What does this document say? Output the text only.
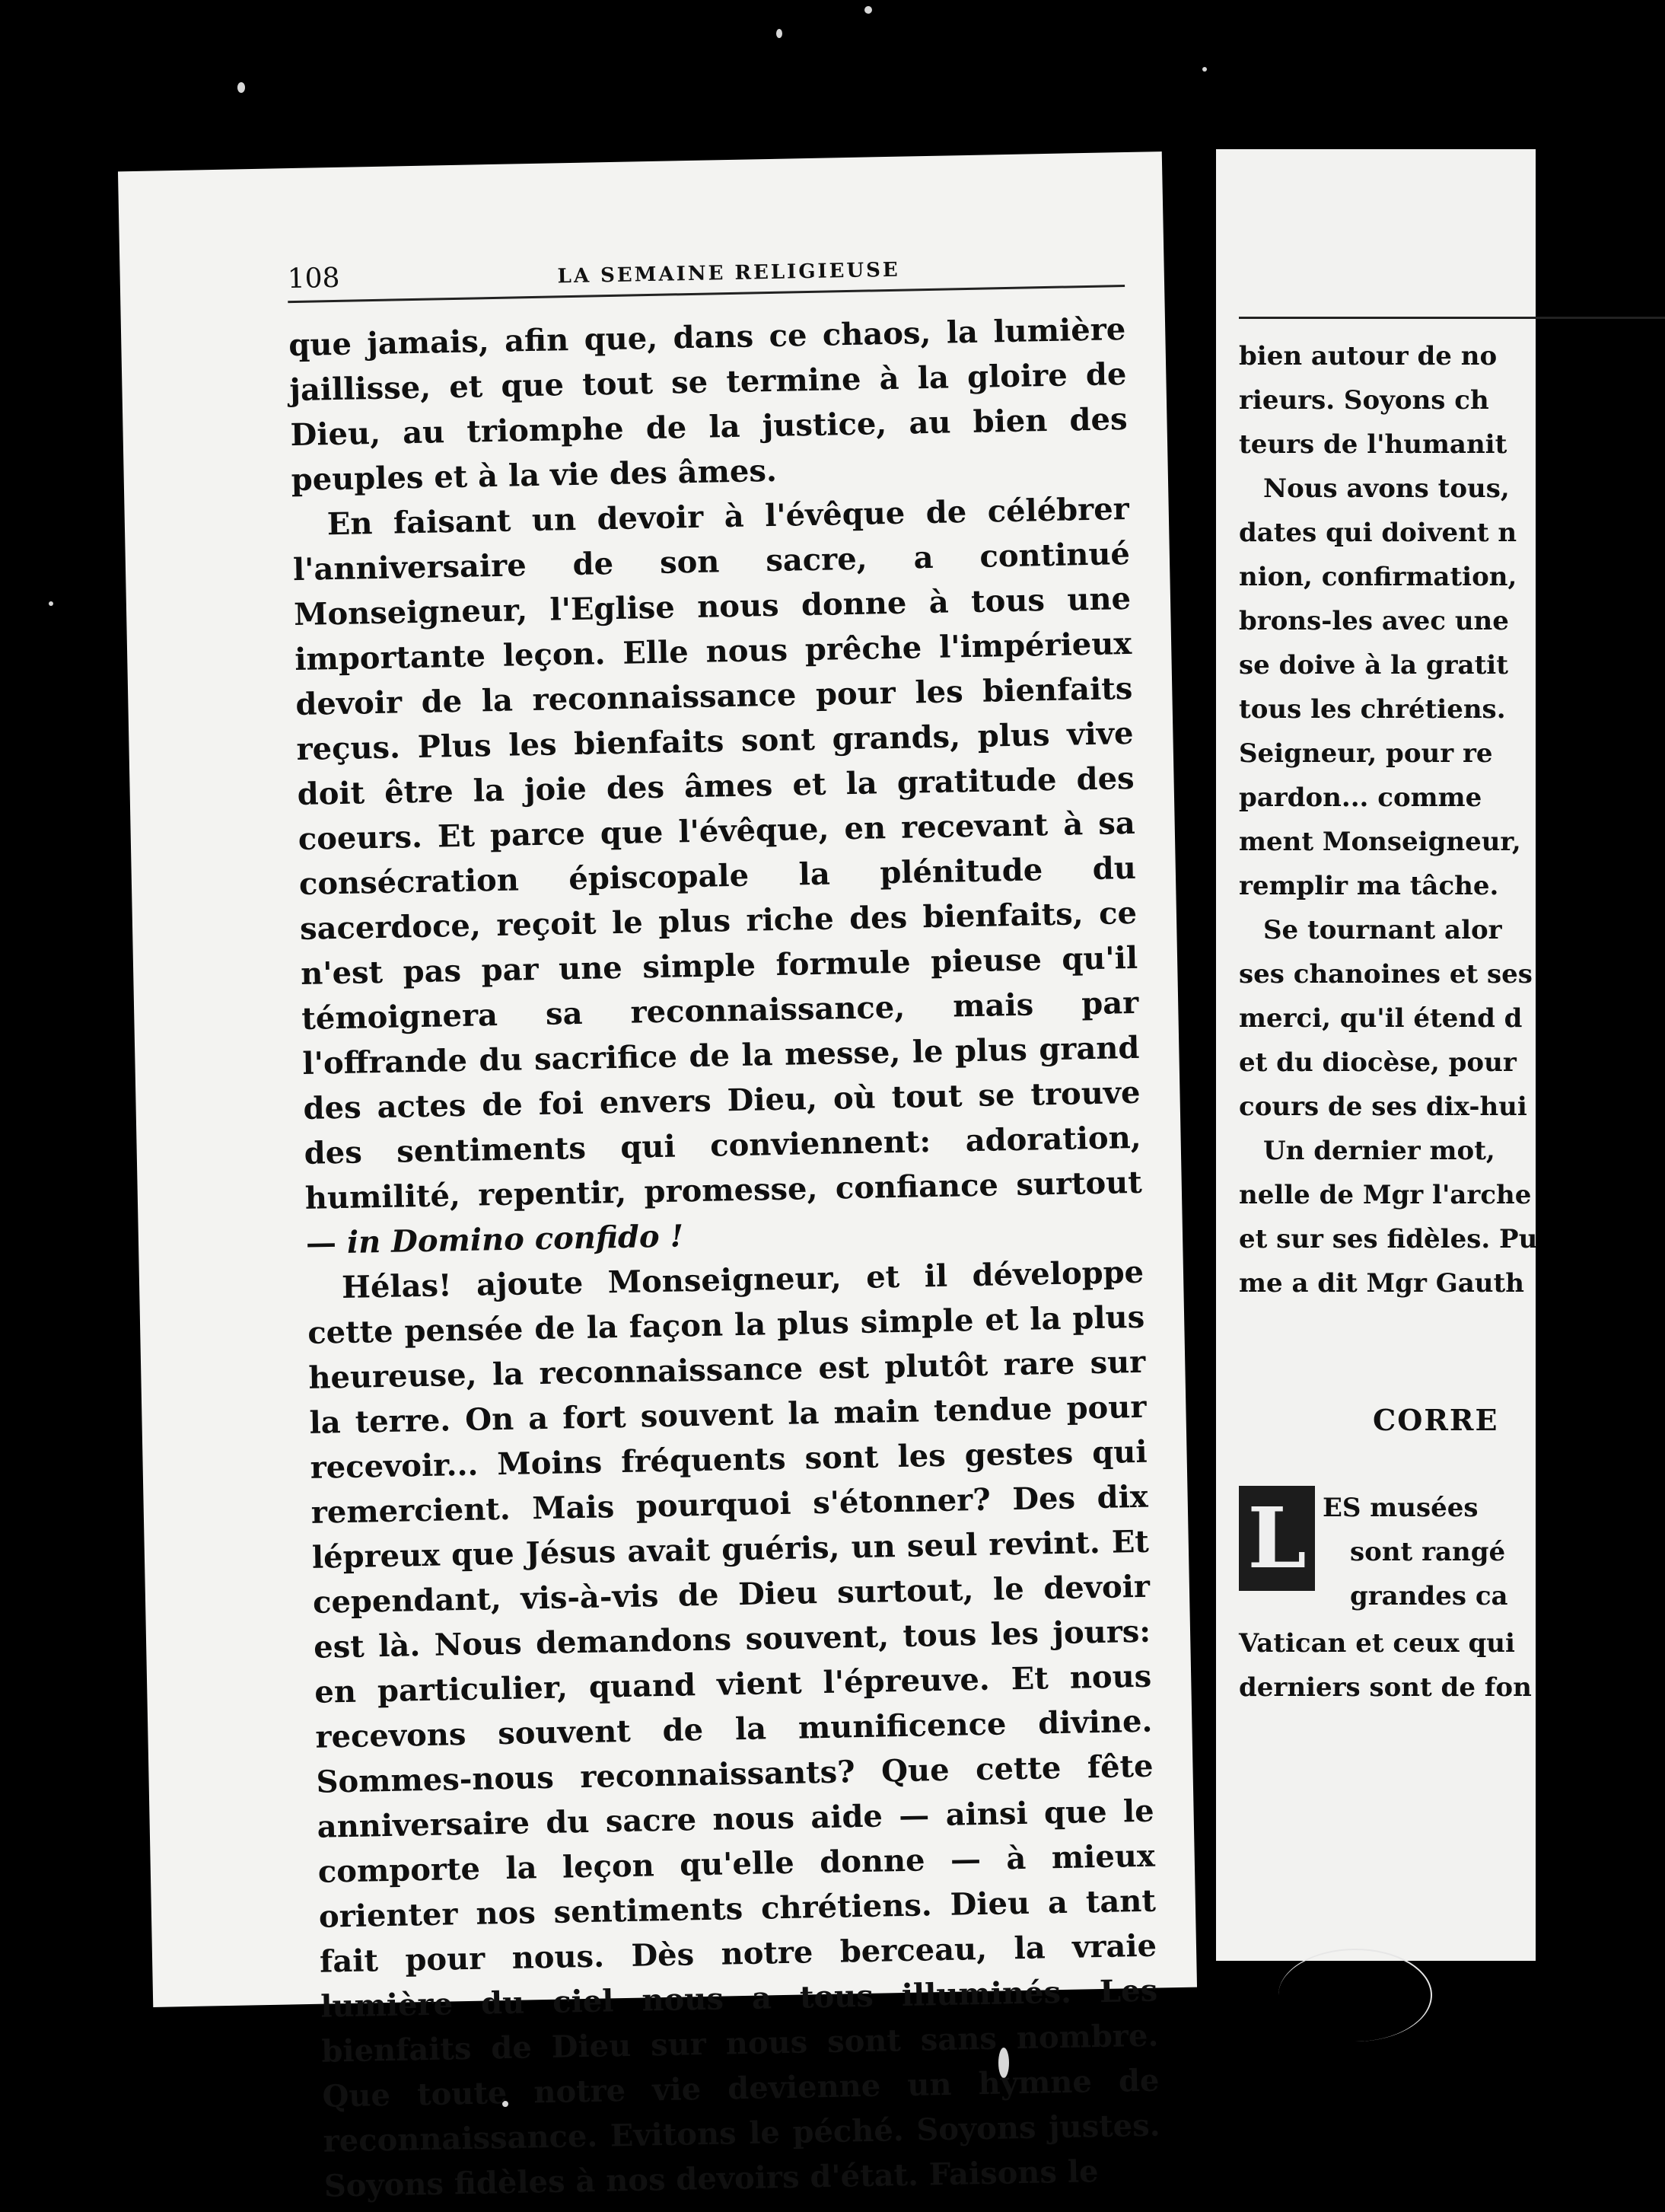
108	LA SEMAINE RELIGIEUSE

que jamais, afin que, dans ce chaos, la lumière jaillisse, et que tout se termine à la gloire de Dieu, au triomphe de la justice, au bien des peuples et à la vie des âmes.

En faisant un devoir à l'évêque de célébrer l'anniversaire de son sacre, a continué Monseigneur, l'Eglise nous donne à tous une importante leçon. Elle nous prêche l'impérieux devoir de la reconnaissance pour les bienfaits reçus. Plus les bienfaits sont grands, plus vive doit être la joie des âmes et la gratitude des coeurs. Et parce que l'évêque, en recevant à sa consécration épiscopale la plénitude du sacerdoce, reçoit le plus riche des bienfaits, ce n'est pas par une simple formule pieuse qu'il témoignera sa reconnaissance, mais par l'offrande du sacrifice de la messe, le plus grand des actes de foi envers Dieu, où tout se trouve des sentiments qui conviennent: adoration, humilité, repentir, promesse, confiance surtout — in Domino confido !

Hélas! ajoute Monseigneur, et il développe cette pensée de la façon la plus simple et la plus heureuse, la reconnaissance est plutôt rare sur la terre. On a fort souvent la main tendue pour recevoir... Moins fréquents sont les gestes qui remercient. Mais pourquoi s'étonner? Des dix lépreux que Jésus avait guéris, un seul revint. Et cependant, vis-à-vis de Dieu surtout, le devoir est là. Nous demandons souvent, tous les jours: en particulier, quand vient l'épreuve. Et nous recevons souvent de la munificence divine. Sommes-nous reconnaissants? Que cette fête anniversaire du sacre nous aide — ainsi que le comporte la leçon qu'elle donne — à mieux orienter nos sentiments chrétiens. Dieu a tant fait pour nous. Dès notre berceau, la vraie lumière du ciel nous a tous illuminés. Les bienfaits de Dieu sur nous sont sans nombre. Que toute notre vie devienne un hymne de reconnaissance. Evitons le péché. Soyons justes. Soyons fidèles à nos devoirs d'état. Faisons le

bien autour de no

rieurs. Soyons ch

teurs de l'humanit

Nous avons tous,

dates qui doivent n

nion, confirmation,

brons-les avec une

se doive à la gratit

tous les chrétiens.

Seigneur, pour re

pardon... comme

ment Monseigneur,

remplir ma tâche.

Se tournant alor

ses chanoines et ses

merci, qu'il étend d

et du diocèse, pour

cours de ses dix-hui

Un dernier mot,

nelle de Mgr l'arche

et sur ses fidèles. Pu

me a dit Mgr Gauth

CORRE
L ES musées

sont rangé

grandes ca

Vatican et ceux qui

derniers sont de fon
